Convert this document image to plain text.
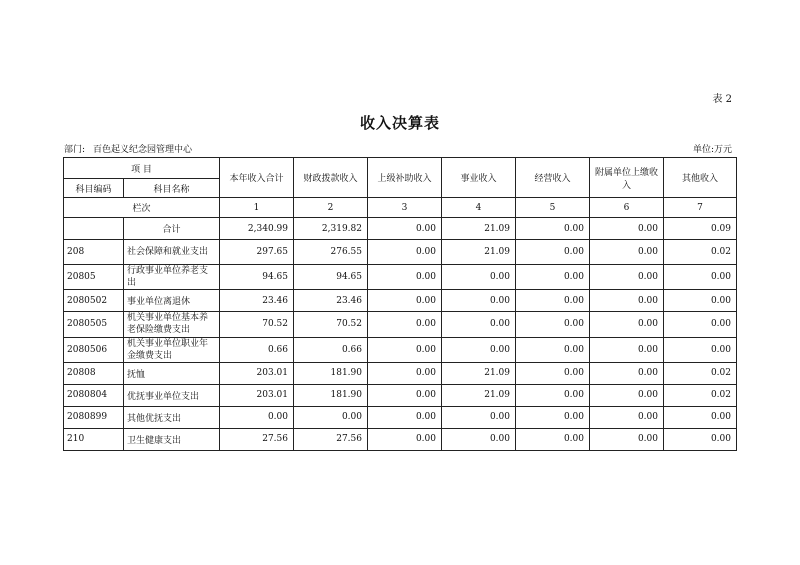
表 2
收入决算表
部门: 百色起义纪念园管理中心	单位:万元
项 目		本年收入合计	财政拨款收入	上级补助收入	事业收入	经营收入	附属单位上缴收入	其他收入
科目编码	科目名称							
栏次		1	2	3	4	5	6	7
	合计	2,340.99	2,319.82	0.00	21.09	0.00	0.00	0.09
208	社会保障和就业支出	297.65	276.55	0.00	21.09	0.00	0.00	0.02
20805	行政事业单位养老支出	94.65	94.65	0.00	0.00	0.00	0.00	0.00
2080502	事业单位离退休	23.46	23.46	0.00	0.00	0.00	0.00	0.00
2080505	机关事业单位基本养老保险缴费支出	70.52	70.52	0.00	0.00	0.00	0.00	0.00
2080506	机关事业单位职业年金缴费支出	0.66	0.66	0.00	0.00	0.00	0.00	0.00
20808	抚恤	203.01	181.90	0.00	21.09	0.00	0.00	0.02
2080804	优抚事业单位支出	203.01	181.90	0.00	21.09	0.00	0.00	0.02
2080899	其他优抚支出	0.00	0.00	0.00	0.00	0.00	0.00	0.00
210	卫生健康支出	27.56	27.56	0.00	0.00	0.00	0.00	0.00
